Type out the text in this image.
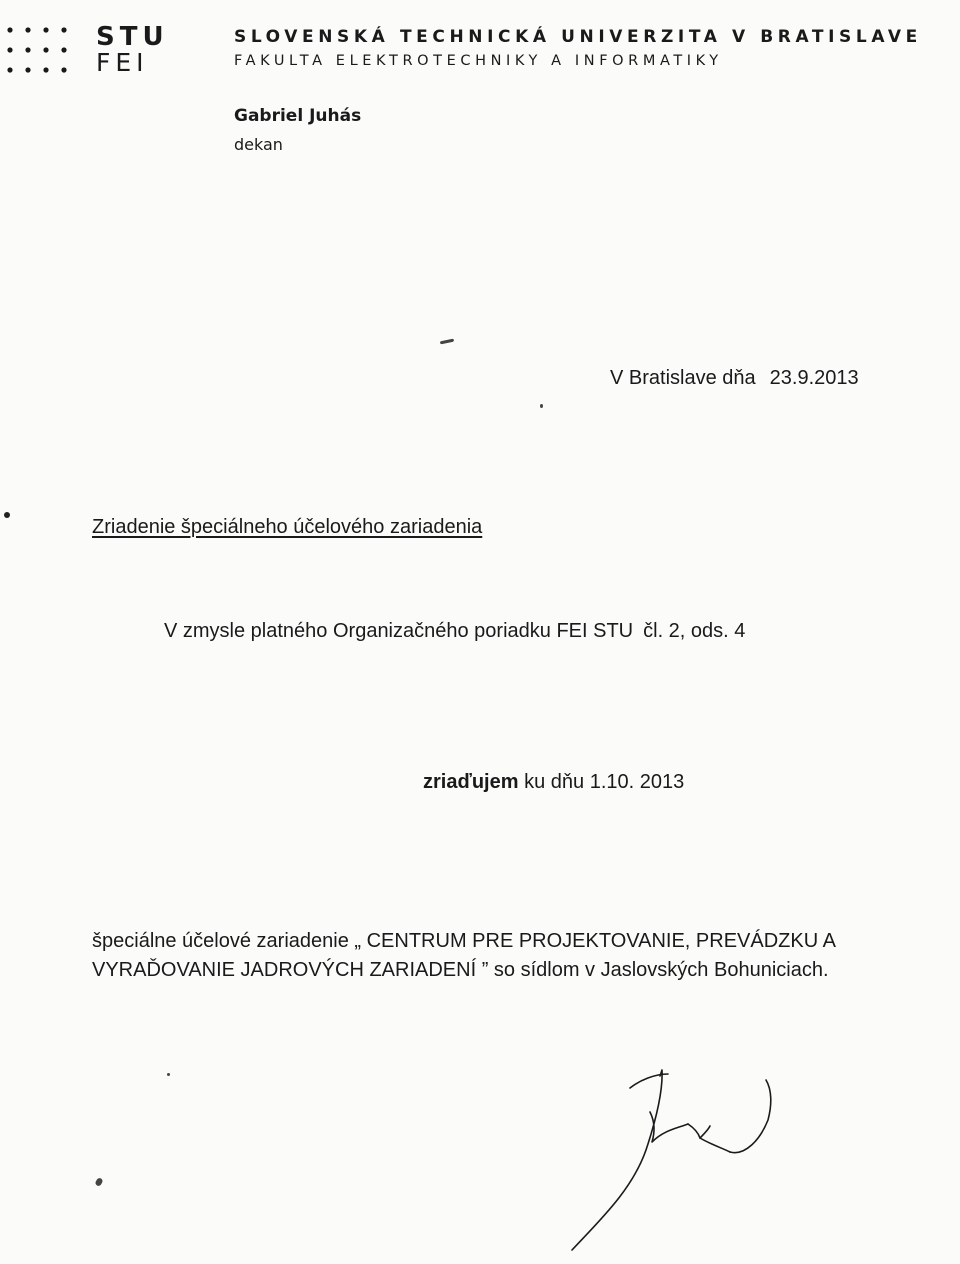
STU
FEI
SLOVENSKÁ TECHNICKÁ UNIVERZITA V BRATISLAVE
FAKULTA ELEKTROTECHNIKY A INFORMATIKY
Gabriel Juhás
dekan
V Bratislave dňa 23.9.2013
Zriadenie špeciálneho účelového zariadenia
V zmysle platného Organizačného poriadku FEI STU čl. 2, ods. 4
zriaďujem ku dňu 1.10. 2013
špeciálne účelové zariadenie „ CENTRUM PRE PROJEKTOVANIE, PREVÁDZKU A
VYRAĎOVANIE JADROVÝCH ZARIADENÍ ” so sídlom v Jaslovských Bohuniciach.
